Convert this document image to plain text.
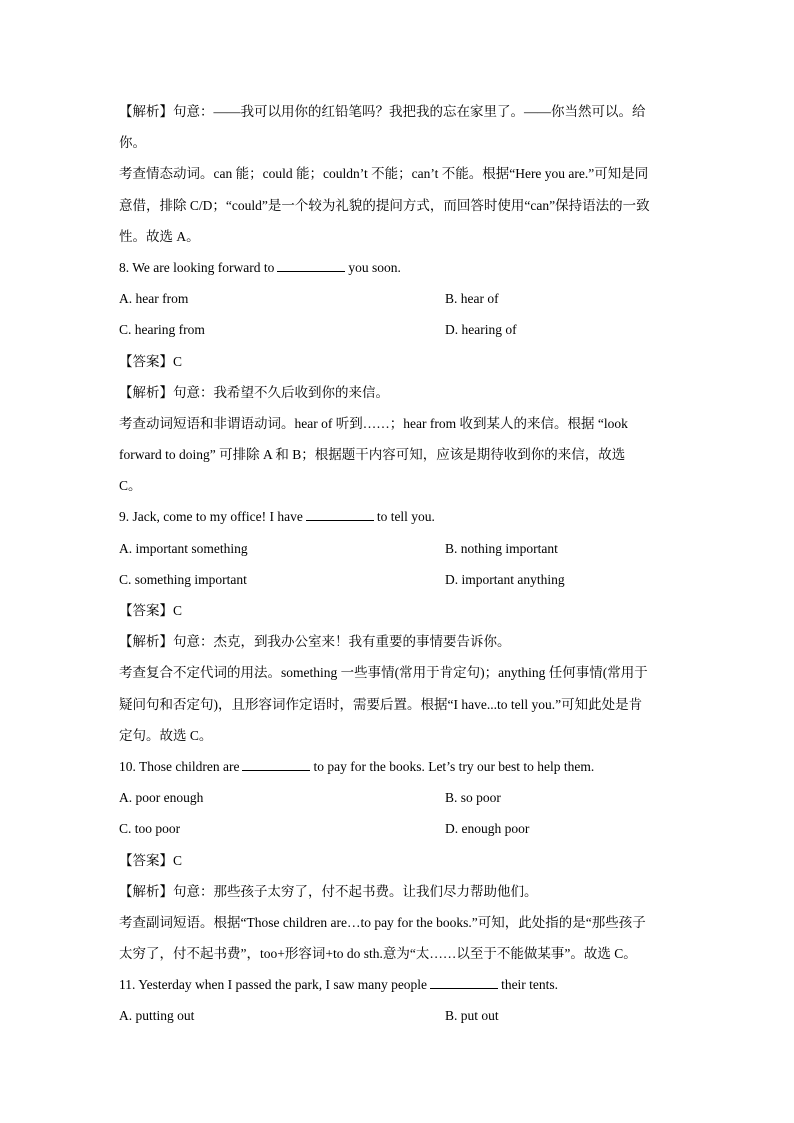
【解析】句意：——我可以用你的红铅笔吗？我把我的忘在家里了。——你当然可以。给
你。
考查情态动词。can 能；could 能；couldn’t 不能；can’t 不能。根据“Here you are.”可知是同
意借，排除 C/D；“could”是一个较为礼貌的提问方式，而回答时使用“can”保持语法的一致
性。故选 A。
8. We are looking forward to	you soon.
A. hear from	B. hear of
C. hearing from	D. hearing of
【答案】C
【解析】句意：我希望不久后收到你的来信。
考查动词短语和非谓语动词。hear of 听到……；hear from 收到某人的来信。根据 “look
forward to doing” 可排除 A 和 B；根据题干内容可知，应该是期待收到你的来信，故选
C。
9. Jack, come to my office! I have	to tell you.
A. important something	B. nothing important
C. something important	D. important anything
【答案】C
【解析】句意：杰克，到我办公室来！我有重要的事情要告诉你。
考查复合不定代词的用法。something 一些事情(常用于肯定句)；anything 任何事情(常用于
疑问句和否定句)，且形容词作定语时，需要后置。根据“I have...to tell you.”可知此处是肯
定句。故选 C。
10. Those children are	to pay for the books. Let’s try our best to help them.
A. poor enough	B. so poor
C. too poor	D. enough poor
【答案】C
【解析】句意：那些孩子太穷了，付不起书费。让我们尽力帮助他们。
考查副词短语。根据“Those children are…to pay for the books.”可知，此处指的是“那些孩子
太穷了，付不起书费”，too+形容词+to do sth.意为“太……以至于不能做某事”。故选 C。
11. Yesterday when I passed the park, I saw many people	their tents.
A. putting out	B. put out
